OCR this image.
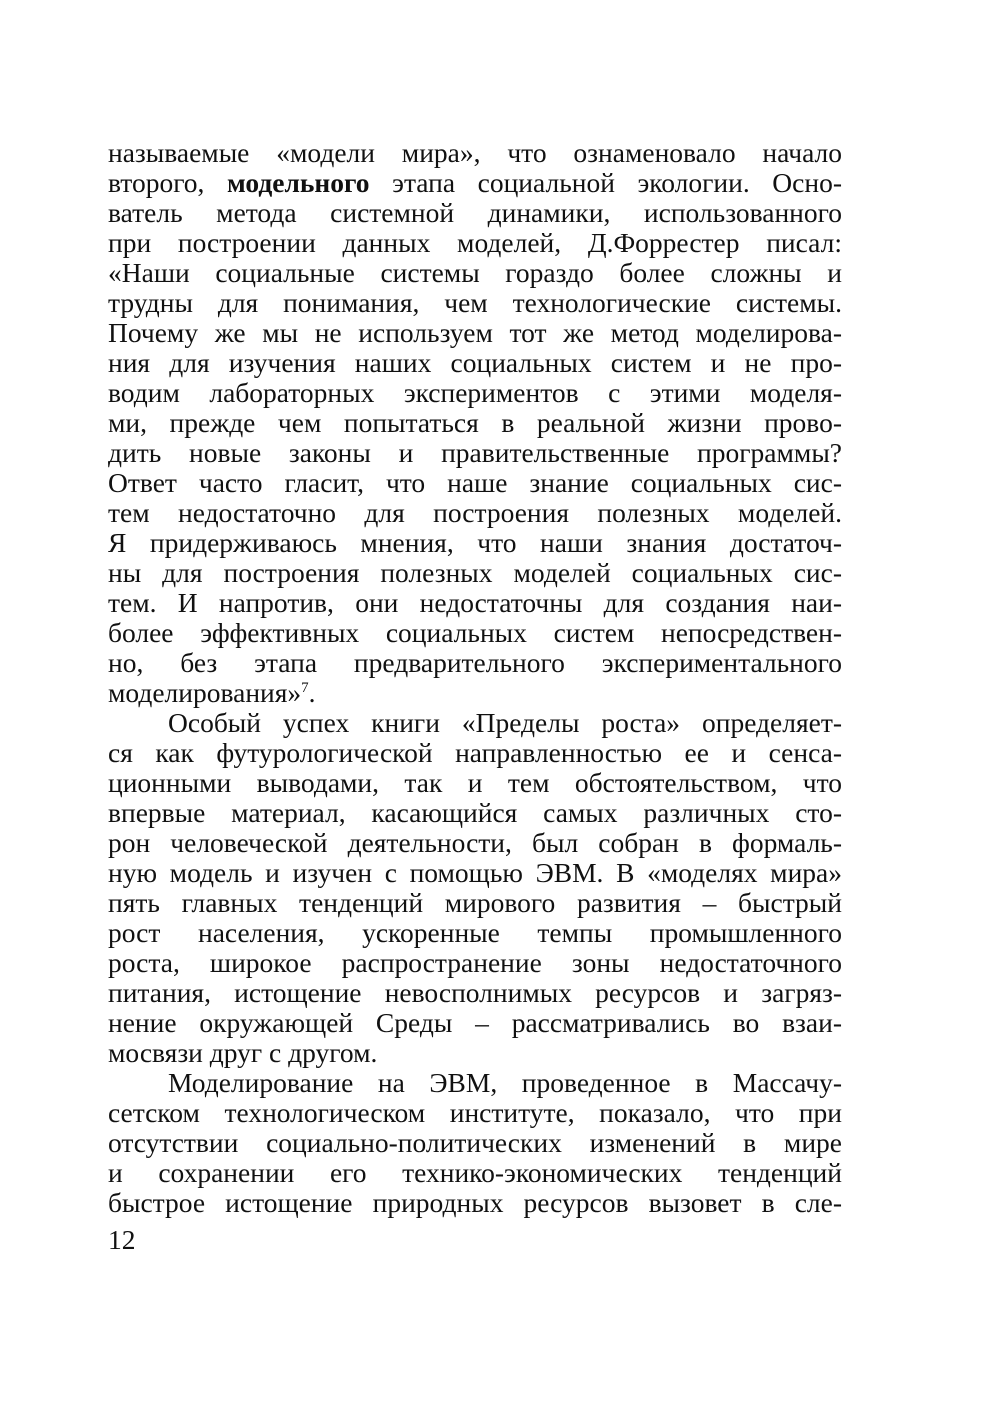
называемые «модели мира», что ознаменовало начало
второго, модельного этапа социальной экологии. Осно-
ватель метода системной динамики, использованного
при построении данных моделей, Д.Форрестер писал:
«Наши социальные системы гораздо более сложны и
трудны для понимания, чем технологические системы.
Почему же мы не используем тот же метод моделирова-
ния для изучения наших социальных систем и не про-
водим лабораторных экспериментов с этими моделя-
ми, прежде чем попытаться в реальной жизни прово-
дить новые законы и правительственные программы?
Ответ часто гласит, что наше знание социальных сис-
тем недостаточно для построения полезных моделей.
Я придерживаюсь мнения, что наши знания достаточ-
ны для построения полезных моделей социальных сис-
тем. И напротив, они недостаточны для создания наи-
более эффективных социальных систем непосредствен-
но, без этапа предварительного экспериментального
моделирования»$^7$.
Особый успех книги «Пределы роста» определяет-
ся как футурологической направленностью ее и сенса-
ционными выводами, так и тем обстоятельством, что
впервые материал, касающийся самых различных сто-
рон человеческой деятельности, был собран в формаль-
ную модель и изучен с помощью ЭВМ. В «моделях мира»
пять главных тенденций мирового развития – быстрый
рост населения, ускоренные темпы промышленного
роста, широкое распространение зоны недостаточного
питания, истощение невосполнимых ресурсов и загряз-
нение окружающей Среды – рассматривались во взаи-
мосвязи друг с другом.
Моделирование на ЭВМ, проведенное в Массачу-
сетском технологическом институте, показало, что при
отсутствии социально-политических изменений в мире
и сохранении его технико-экономических тенденций
быстрое истощение природных ресурсов вызовет в сле-
12
